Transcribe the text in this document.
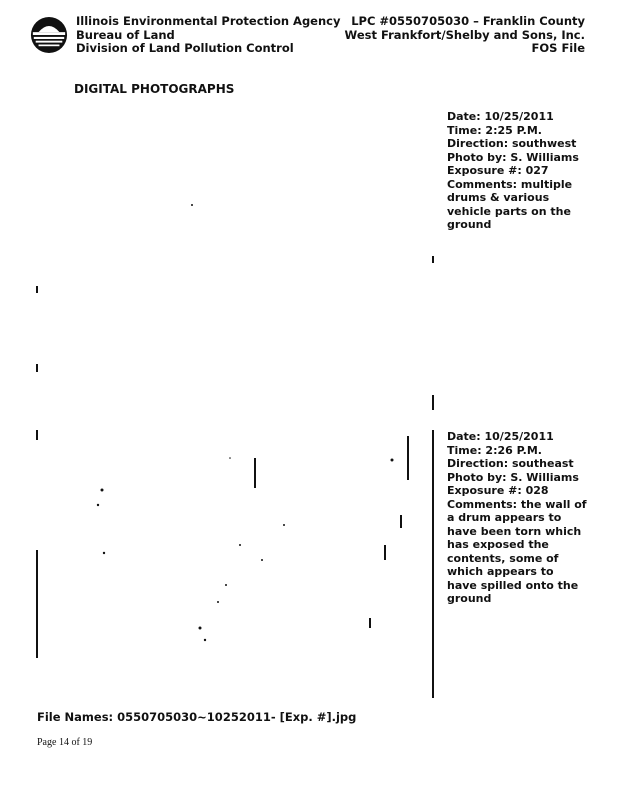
Illinois Environmental Protection Agency
Bureau of Land
Division of Land Pollution Control
LPC #0550705030 – Franklin County
West Frankfort/Shelby and Sons, Inc.
FOS File
DIGITAL PHOTOGRAPHS
Date: 10/25/2011
Time: 2:25 P.M.
Direction: southwest
Photo by: S. Williams
Exposure #: 027
Comments: multiple drums & various vehicle parts on the ground
Date: 10/25/2011
Time: 2:26 P.M.
Direction: southeast
Photo by: S. Williams
Exposure #: 028
Comments: the wall of a drum appears to have been torn which has exposed the contents, some of which appears to have spilled onto the ground
File Names: 0550705030~10252011- [Exp. #].jpg
Page 14 of 19
